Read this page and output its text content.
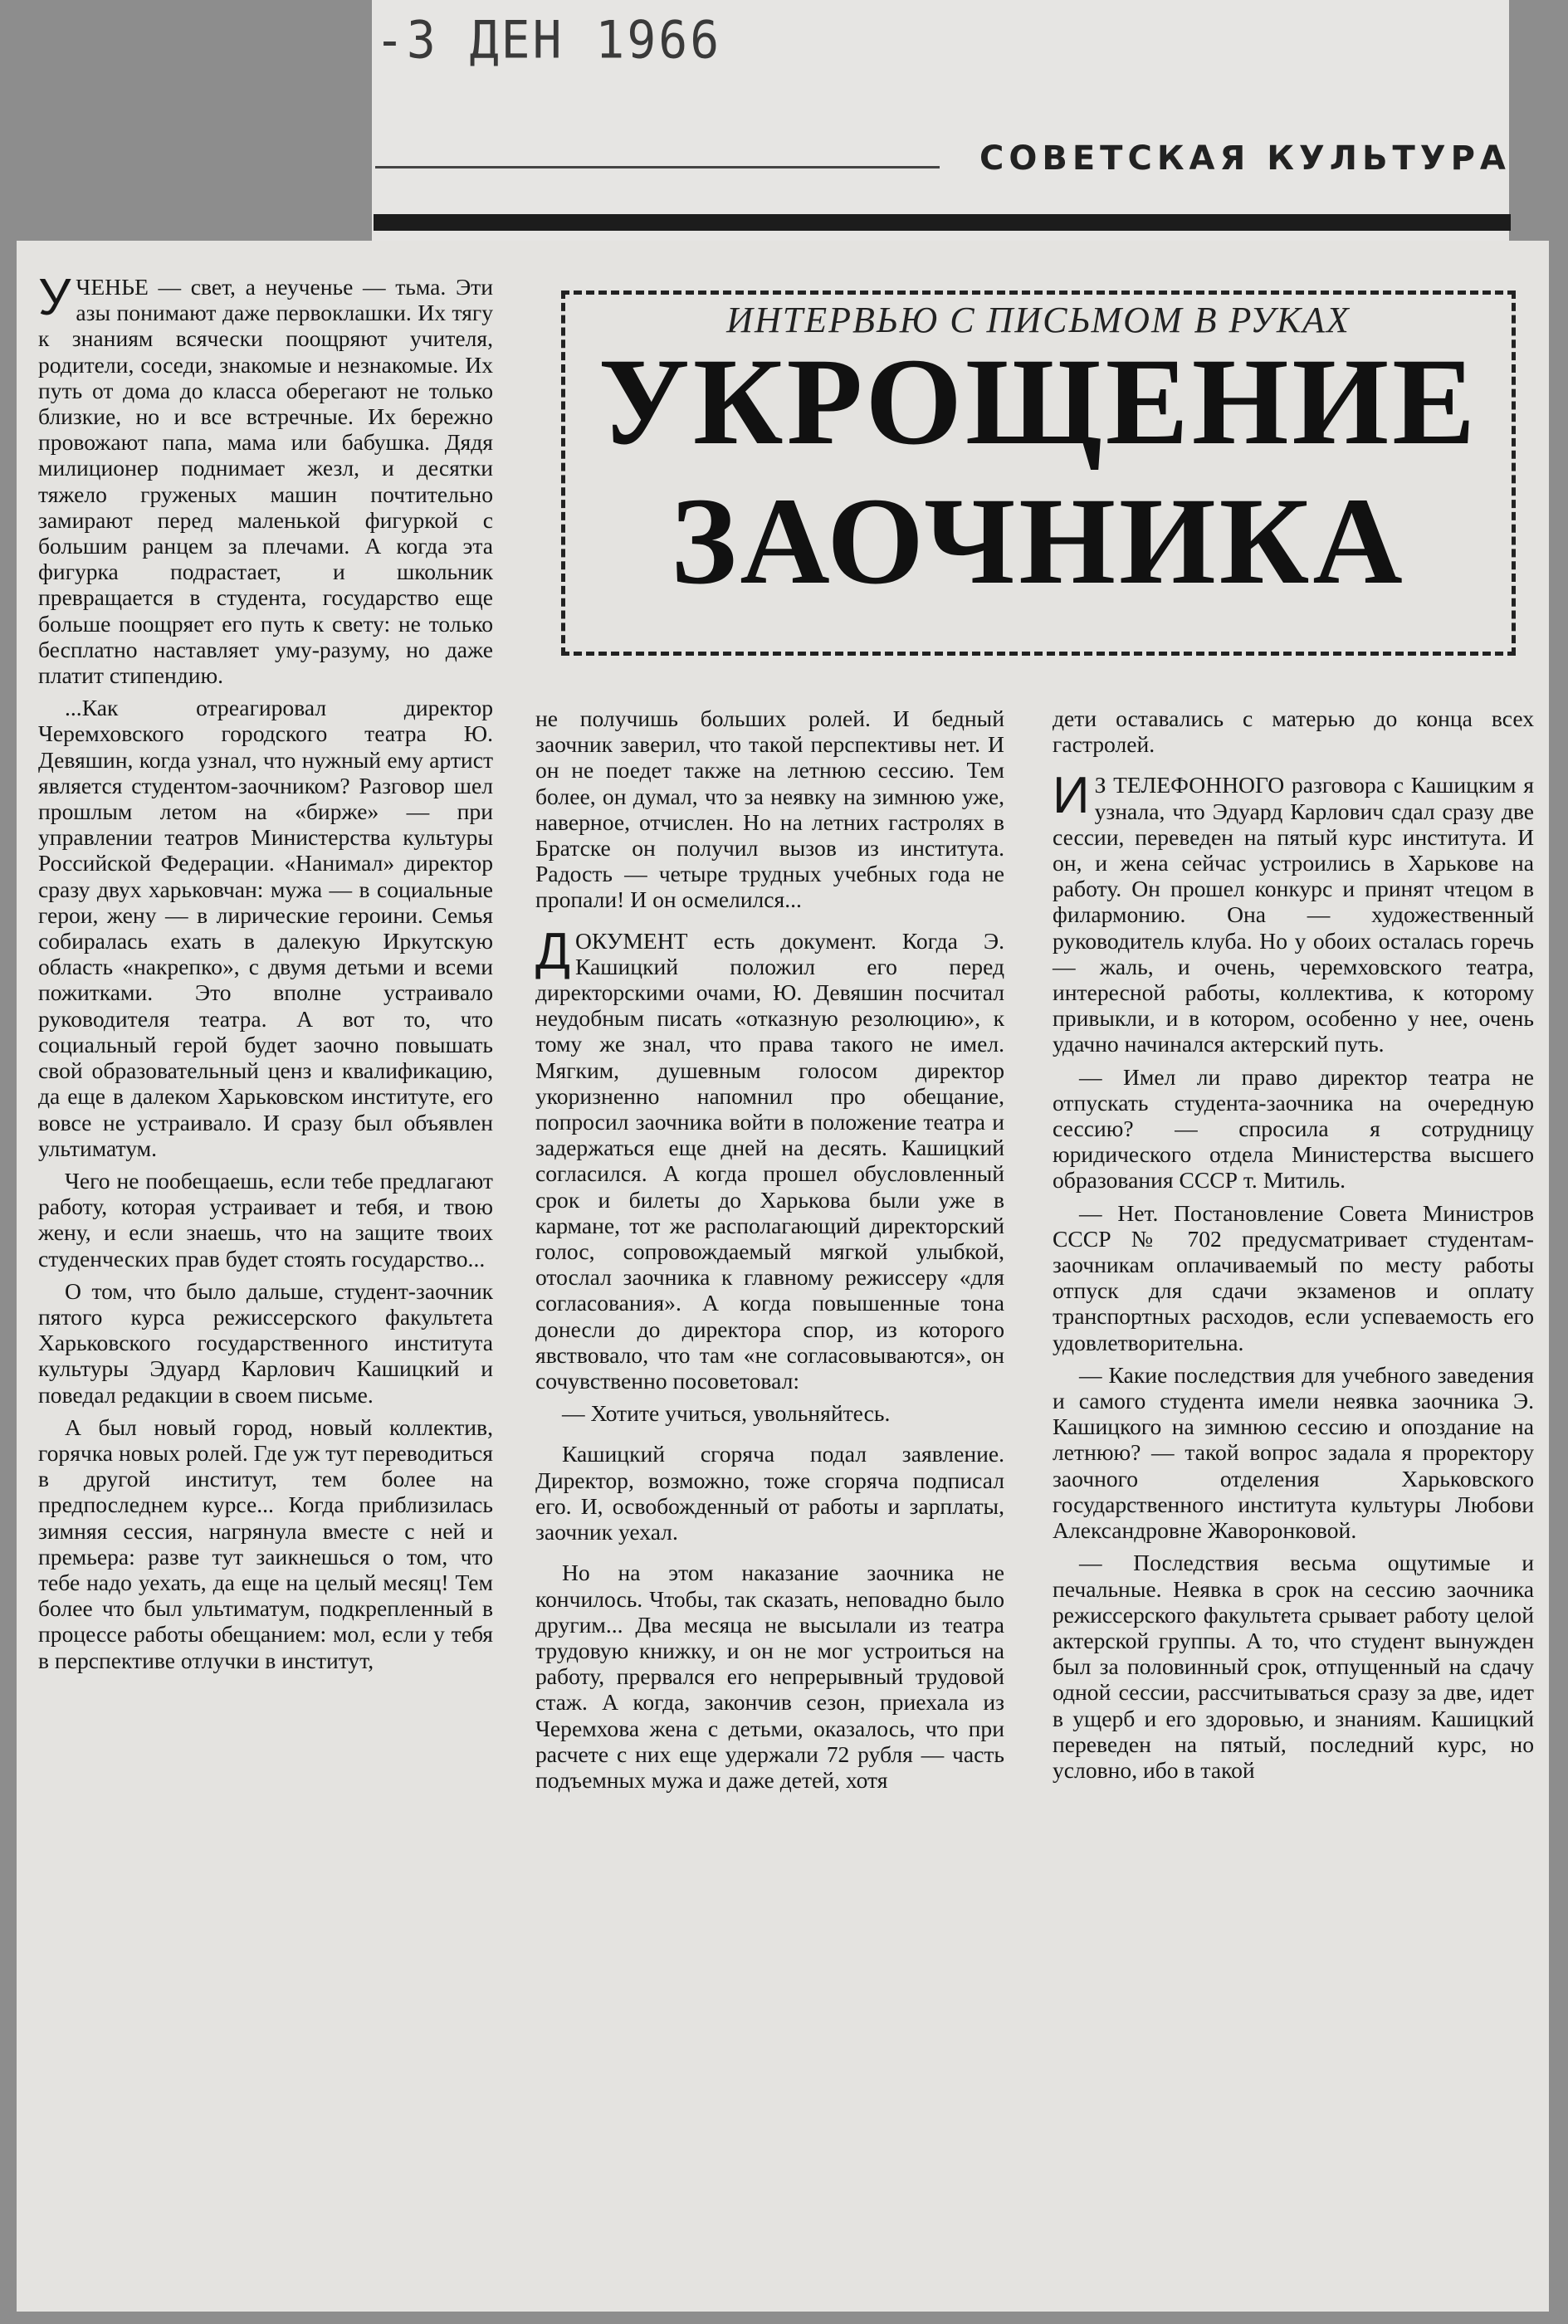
-3 ДЕН 1966
СОВЕТСКАЯ КУЛЬТУРА
ИНТЕРВЬЮ С ПИСЬМОМ В РУКАХ
УКРОЩЕНИЕ ЗАОЧНИКА

УЧЕНЬЕ — свет, а неученье — тьма. Эти азы понимают даже первоклашки. Их тягу к знаниям всячески поощряют учителя, родители, соседи, знакомые и незнакомые. Их путь от дома до класса оберегают не только близкие, но и все встречные. Их бережно провожают папа, мама или бабушка. Дядя милиционер поднимает жезл, и десятки тяжело груженых машин почтительно замирают перед маленькой фигуркой с большим ранцем за плечами. А когда эта фигурка подрастает, и школьник превращается в студента, государство еще больше поощряет его путь к свету: не только бесплатно наставляет уму-разуму, но даже платит стипендию.

...Как отреагировал директор Черемховского городского театра Ю. Девяшин, когда узнал, что нужный ему артист является студентом-заочником? Разговор шел прошлым летом на «бирже» — при управлении театров Министерства культуры Российской Федерации. «Нанимал» директор сразу двух харьковчан: мужа — в социальные герои, жену — в лирические героини. Семья собиралась ехать в далекую Иркутскую область «накрепко», с двумя детьми и всеми пожитками. Это вполне устраивало руководителя театра. А вот то, что социальный герой будет заочно повышать свой образовательный ценз и квалификацию, да еще в далеком Харьковском институте, его вовсе не устраивало. И сразу был объявлен ультиматум.

Чего не пообещаешь, если тебе предлагают работу, которая устраивает и тебя, и твою жену, и если знаешь, что на защите твоих студенческих прав будет стоять государство...

О том, что было дальше, студент-заочник пятого курса режиссерского факультета Харьковского государственного института культуры Эдуард Карлович Кашицкий и поведал редакции в своем письме.

А был новый город, новый коллектив, горячка новых ролей. Где уж тут переводиться в другой институт, тем более на предпоследнем курсе... Когда приблизилась зимняя сессия, нагрянула вместе с ней и премьера: разве тут заикнешься о том, что тебе надо уехать, да еще на целый месяц! Тем более что был ультиматум, подкрепленный в процессе работы обещанием: мол, если у тебя в перспективе отлучки в институт,

не получишь больших ролей. И бедный заочник заверил, что такой перспективы нет. И он не поедет также на летнюю сессию. Тем более, он думал, что за неявку на зимнюю уже, наверное, отчислен. Но на летних гастролях в Братске он получил вызов из института. Радость — четыре трудных учебных года не пропали! И он осмелился...

ДОКУМЕНТ есть документ. Когда Э. Кашицкий положил его перед директорскими очами, Ю. Девяшин посчитал неудобным писать «отказную резолюцию», к тому же знал, что права такого не имел. Мягким, душевным голосом директор укоризненно напомнил про обещание, попросил заочника войти в положение театра и задержаться еще дней на десять. Кашицкий согласился. А когда прошел обусловленный срок и билеты до Харькова были уже в кармане, тот же располагающий директорский голос, сопровождаемый мягкой улыбкой, отослал заочника к главному режиссеру «для согласования». А когда повышенные тона донесли до директора спор, из которого явствовало, что там «не согласовываются», он сочувственно посоветовал:

— Хотите учиться, увольняйтесь.

Кашицкий сгоряча подал заявление. Директор, возможно, тоже сгоряча подписал его. И, освобожденный от работы и зарплаты, заочник уехал.

Но на этом наказание заочника не кончилось. Чтобы, так сказать, неповадно было другим... Два месяца не высылали из театра трудовую книжку, и он не мог устроиться на работу, прервался его непрерывный трудовой стаж. А когда, закончив сезон, приехала из Черемхова жена с детьми, оказалось, что при расчете с них еще удержали 72 рубля — часть подъемных мужа и даже детей, хотя

дети оставались с матерью до конца всех гастролей.

И З ТЕЛЕФОННОГО разговора с Кашицким я узнала, что Эдуард Карлович сдал сразу две сессии, переведен на пятый курс института. И он, и жена сейчас устроились в Харькове на работу. Он прошел конкурс и принят чтецом в филармонию. Она — художественный руководитель клуба. Но у обоих осталась горечь — жаль, и очень, черемховского театра, интересной работы, коллектива, к которому привыкли, и в котором, особенно у нее, очень удачно начинался актерский путь.

— Имел ли право директор театра не отпускать студента-заочника на очередную сессию? — спросила я сотрудницу юридического отдела Министерства высшего образования СССР т. Митиль.

— Нет. Постановление Совета Министров СССР № 702 предусматривает студентам-заочникам оплачиваемый по месту работы отпуск для сдачи экзаменов и оплату транспортных расходов, если успеваемость его удовлетворительна.

— Какие последствия для учебного заведения и самого студента имели неявка заочника Э. Кашицкого на зимнюю сессию и опоздание на летнюю? — такой вопрос задала я проректору заочного отделения Харьковского государственного института культуры Любови Александровне Жаворонковой.

— Последствия весьма ощутимые и печальные. Неявка в срок на сессию заочника режиссерского факультета срывает работу целой актерской группы. А то, что студент вынужден был за половинный срок, отпущенный на сдачу одной сессии, рассчитываться сразу за две, идет в ущерб и его здоровью, и знаниям. Кашицкий переведен на пятый, последний курс, но условно, ибо в такой
